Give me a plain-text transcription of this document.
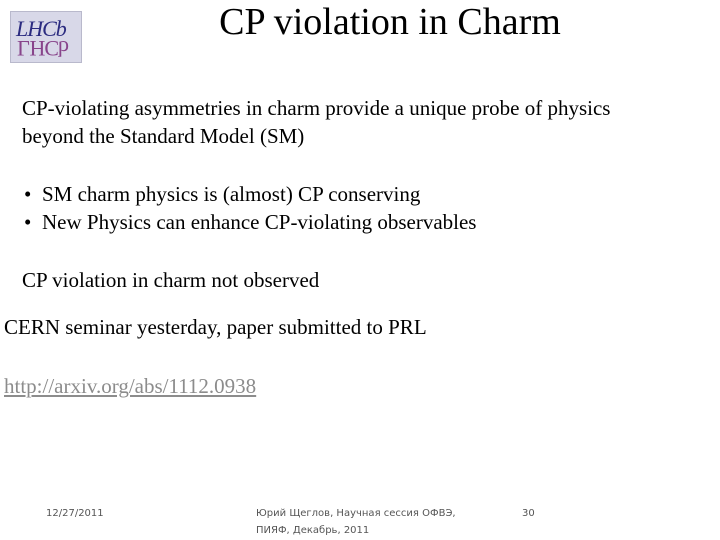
LHCb
LHCb
CP violation in Charm
CP-violating asymmetries in charm provide a unique probe of physics
beyond the Standard Model (SM)
• SM charm physics is (almost) CP conserving
• New Physics can enhance CP-violating observables
CP violation in charm not observed
CERN seminar yesterday, paper submitted to PRL
http://arxiv.org/abs/1112.0938
12/27/2011	Юрий Щеглов, Научная сессия ОФВЭ,
ПИЯФ, Декабрь, 2011
30
